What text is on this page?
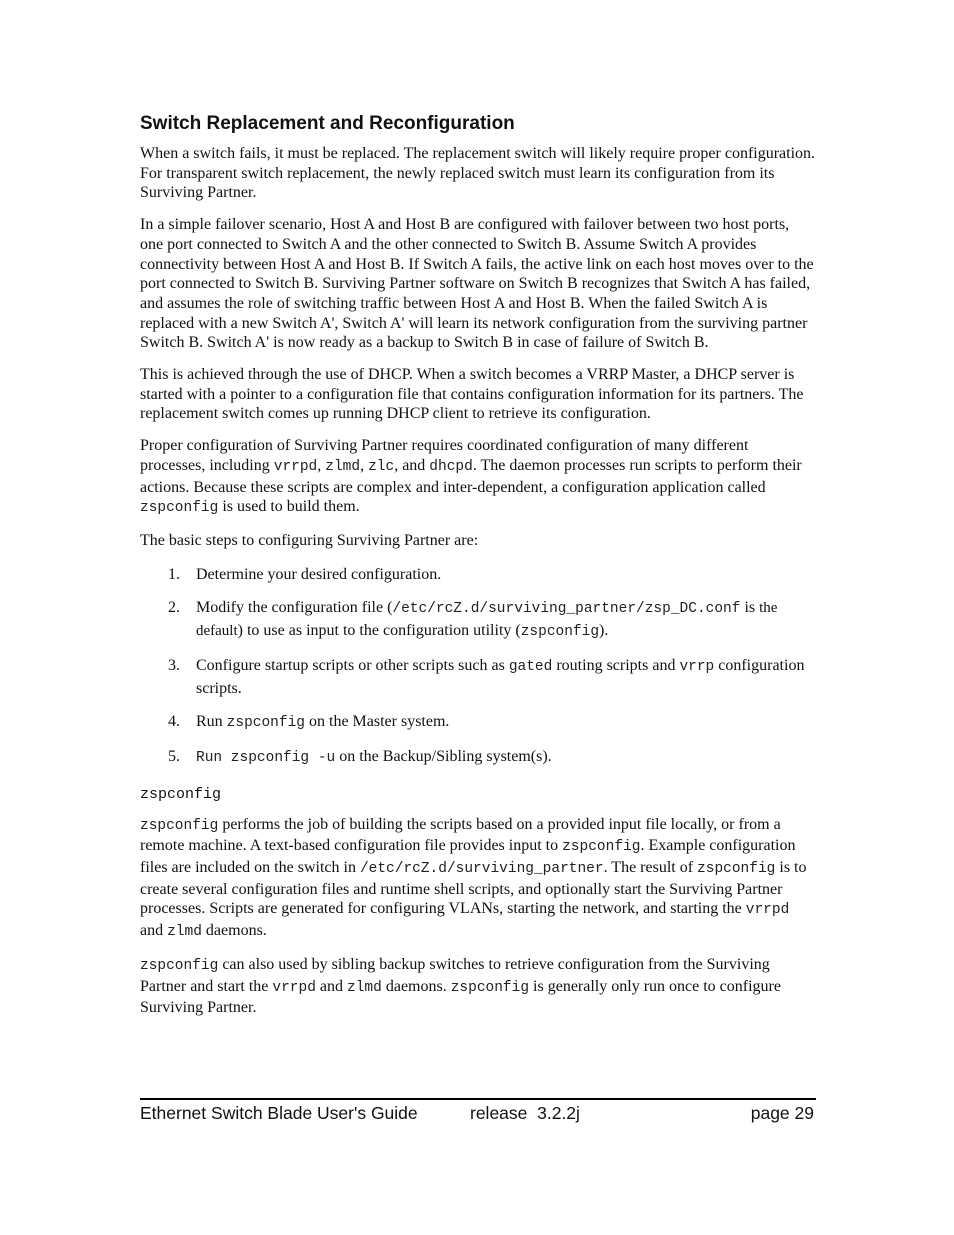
Switch Replacement and Reconfiguration

When a switch fails, it must be replaced. The replacement switch will likely require proper configuration. For transparent switch replacement, the newly replaced switch must learn its configuration from its Surviving Partner.

In a simple failover scenario, Host A and Host B are configured with failover between two host ports, one port connected to Switch A and the other connected to Switch B. Assume Switch A provides connectivity between Host A and Host B. If Switch A fails, the active link on each host moves over to the port connected to Switch B. Surviving Partner software on Switch B recognizes that Switch A has failed, and assumes the role of switching traffic between Host A and Host B. When the failed Switch A is replaced with a new Switch A', Switch A' will learn its network configuration from the surviving partner Switch B. Switch A' is now ready as a backup to Switch B in case of failure of Switch B.

This is achieved through the use of DHCP. When a switch becomes a VRRP Master, a DHCP server is started with a pointer to a configuration file that contains configuration information for its partners. The replacement switch comes up running DHCP client to retrieve its configuration.

Proper configuration of Surviving Partner requires coordinated configuration of many different processes, including vrrpd, zlmd, zlc, and dhcpd. The daemon processes run scripts to perform their actions. Because these scripts are complex and inter-dependent, a configuration application called zspconfig is used to build them.

The basic steps to configuring Surviving Partner are:

1. Determine your desired configuration.
2. Modify the configuration file (/etc/rcZ.d/surviving_partner/zsp_DC.conf is the default) to use as input to the configuration utility (zspconfig).
3. Configure startup scripts or other scripts such as gated routing scripts and vrrp configuration scripts.
4. Run zspconfig on the Master system.
5. Run zspconfig -u on the Backup/Sibling system(s).
zspconfig

zspconfig performs the job of building the scripts based on a provided input file locally, or from a remote machine. A text-based configuration file provides input to zspconfig. Example configuration files are included on the switch in /etc/rcZ.d/surviving_partner. The result of zspconfig is to create several configuration files and runtime shell scripts, and optionally start the Surviving Partner processes. Scripts are generated for configuring VLANs, starting the network, and starting the vrrpd and zlmd daemons.

zspconfig can also used by sibling backup switches to retrieve configuration from the Surviving Partner and start the vrrpd and zlmd daemons. zspconfig is generally only run once to configure Surviving Partner.

Ethernet Switch Blade User's Guide	release  3.2.2j	page 29
